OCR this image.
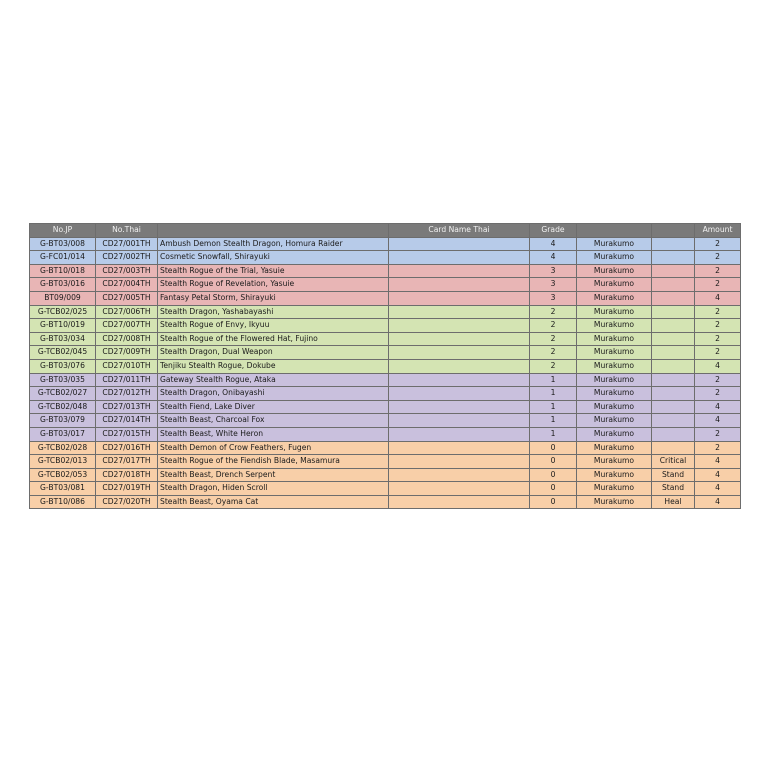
No.JP	No.Thai		Card Name Thai	Grade			Amount
G-BT03/008	CD27/001TH	Ambush Demon Stealth Dragon, Homura Raider		4	Murakumo		2
G-FC01/014	CD27/002TH	Cosmetic Snowfall, Shirayuki		4	Murakumo		2
G-BT10/018	CD27/003TH	Stealth Rogue of the Trial, Yasuie		3	Murakumo		2
G-BT03/016	CD27/004TH	Stealth Rogue of Revelation, Yasuie		3	Murakumo		2
BT09/009	CD27/005TH	Fantasy Petal Storm, Shirayuki		3	Murakumo		4
G-TCB02/025	CD27/006TH	Stealth Dragon, Yashabayashi		2	Murakumo		2
G-BT10/019	CD27/007TH	Stealth Rogue of Envy, Ikyuu		2	Murakumo		2
G-BT03/034	CD27/008TH	Stealth Rogue of the Flowered Hat, Fujino		2	Murakumo		2
G-TCB02/045	CD27/009TH	Stealth Dragon, Dual Weapon		2	Murakumo		2
G-BT03/076	CD27/010TH	Tenjiku Stealth Rogue, Dokube		2	Murakumo		4
G-BT03/035	CD27/011TH	Gateway Stealth Rogue, Ataka		1	Murakumo		2
G-TCB02/027	CD27/012TH	Stealth Dragon, Onibayashi		1	Murakumo		2
G-TCB02/048	CD27/013TH	Stealth Fiend, Lake Diver		1	Murakumo		4
G-BT03/079	CD27/014TH	Stealth Beast, Charcoal Fox		1	Murakumo		4
G-BT03/017	CD27/015TH	Stealth Beast, White Heron		1	Murakumo		2
G-TCB02/028	CD27/016TH	Stealth Demon of Crow Feathers, Fugen		0	Murakumo		2
G-TCB02/013	CD27/017TH	Stealth Rogue of the Fiendish Blade, Masamura		0	Murakumo	Critical	4
G-TCB02/053	CD27/018TH	Stealth Beast, Drench Serpent		0	Murakumo	Stand	4
G-BT03/081	CD27/019TH	Stealth Dragon, Hiden Scroll		0	Murakumo	Stand	4
G-BT10/086	CD27/020TH	Stealth Beast, Oyama Cat		0	Murakumo	Heal	4
